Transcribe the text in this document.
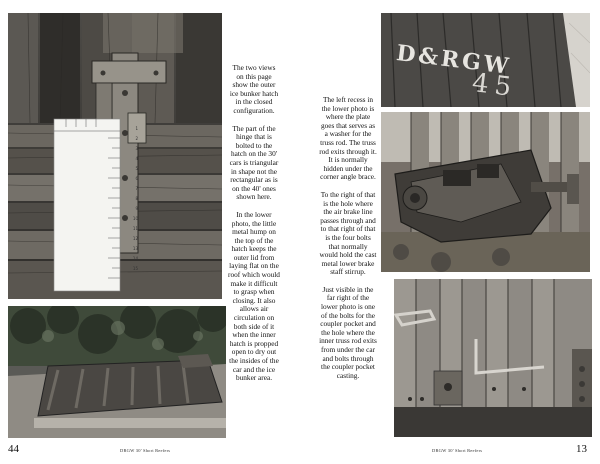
1
2
3
4
5
6
7
8
9
10
11
12
13
14
15

The two views on this page show the outer ice bunker hatch in the closed configuration.

The part of the hinge that is bolted to the hatch on the 30' cars is triangular in shape not the rectangular as is on the 40' ones shown here.

In the lower photo, the little metal hump on the top of the hatch keeps the outer lid from laying flat on the roof which would make it difficult to grasp when closing. It also allows air circulation on both side of it when the inner hatch is propped open to dry out the insides of the car and the ice bunker area.

44	DRGW 30' Short Reefers
D&RGW
45

The left recess in the lower photo is where the plate goes that serves as a washer for the truss rod. The truss rod exits through it. It is normally hidden under the corner angle brace.

To the right of that is the hole where the air brake line passes through and to that right of that is the four bolts that normally would hold the cast metal lower brake staff stirrup.

Just visible in the far right of the lower photo is one of the bolts for the coupler pocket and the hole where the inner truss rod exits from under the car and bolts through the coupler pocket casting.

DRGW 30' Short Reefers	13
